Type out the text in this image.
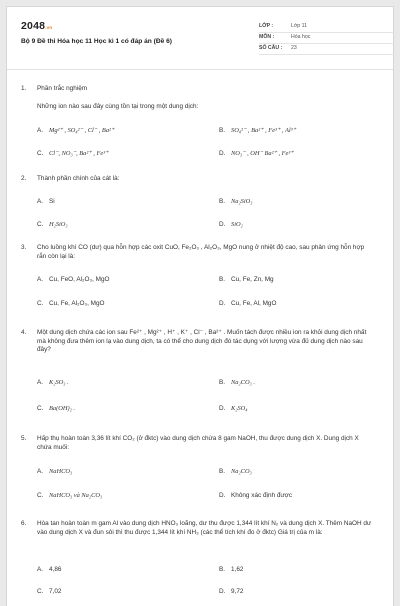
2048.vn
Bộ 9 Đề thi Hóa học 11 Học kì 1 có đáp án (Đề 6)
LỚP :	Lớp 11
MÔN :	Hóa học
SỐ CÂU :	23
1. Phần trắc nghiệm
Những ion nào sau đây cùng tồn tại trong một dung dịch:
A. Mg²⁺ , SO₄²⁻ , Cl⁻ , Ba²⁺	B. SO₄²⁻ , Ba²⁺ , Fe³⁺ , Al³⁺
C. Cl⁻, NO₃⁻, Ba²⁺ , Fe³⁺	D. NO₃⁻ , OH⁻ Ba²⁺ , Fe³⁺
2. Thành phần chính của cát là:
A. Si	B. Na₂SiO₃
C. H₂SiO₃	D. SiO₂
3. Cho luồng khí CO (dư) qua hỗn hợp các oxit CuO, Fe₂O₃ , Al₂O₃, MgO nung ở nhiệt độ cao, sau phản ứng hỗn hợp rắn còn lại là:
A. Cu, FeO, Al₂O₃, MgO	B. Cu, Fe, Zn, Mg
C. Cu, Fe, Al₂O₃, MgO	D. Cu, Fe, Al, MgO
4. Một dung dịch chứa các ion sau Fe²⁺ , Mg²⁺ , H⁺ , K⁺ , Cl⁻ , Ba²⁺ . Muốn tách được nhiều ion ra khỏi dung dịch nhất mà không đưa thêm ion lạ vào dung dịch, ta có thể cho dung dịch đó tác dụng với lượng vừa đủ dung dịch nào sau đây?
A. K₂SO₃ .	B. Na₂CO₃ .
C. Ba(OH)₂ .	D. K₂SO₄
5. Hấp thụ hoàn toàn 3,36 lít khí CO₂ (ở đktc) vào dung dịch chứa 8 gam NaOH, thu được dung dịch X. Dung dịch X chứa muối:
A. NaHCO₃	B. Na₂CO₃
C. NaHCO₃ và Na₂CO₃	D. Không xác định được
6. Hòa tan hoàn toàn m gam Al vào dung dịch HNO₃ loãng, dư thu được 1,344 lít khí N₂ và dung dịch X. Thêm NaOH dư vào dung dịch X và đun sôi thì thu được 1,344 lít khí NH₃ (các thể tích khí đo ở đktc) Giá trị của m là:
A. 4,86	B. 1,62
C. 7,02	D. 9,72
